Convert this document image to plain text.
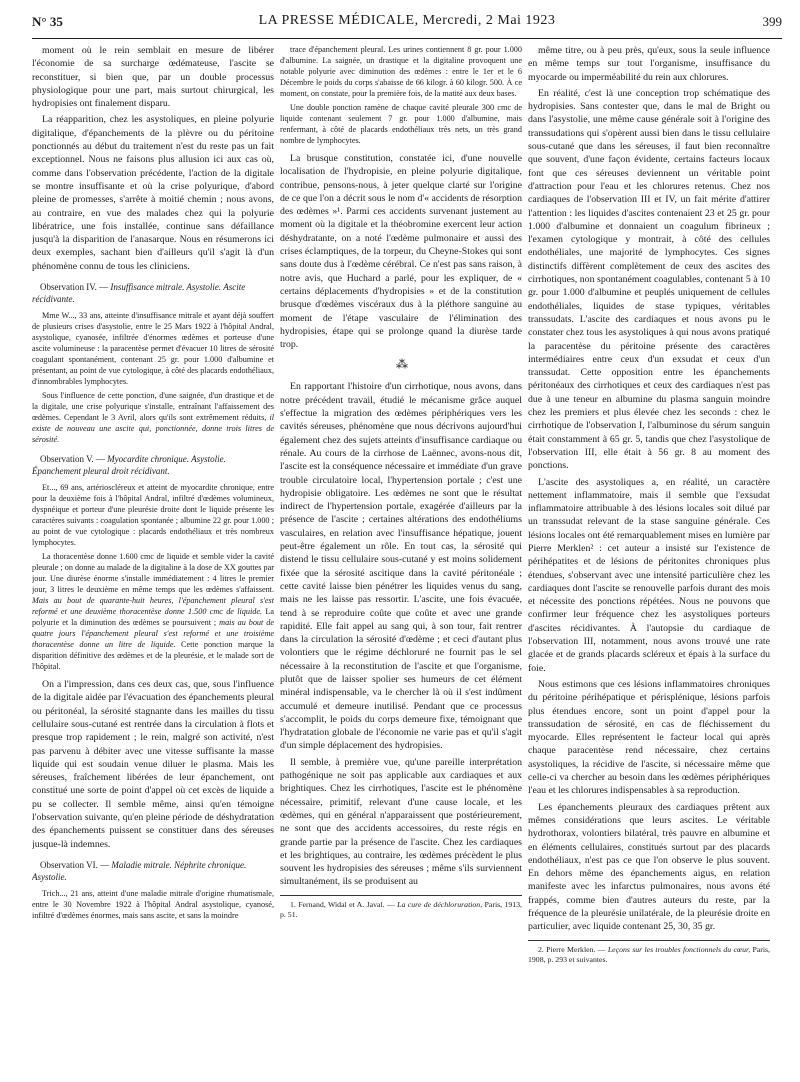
N° 35	LA PRESSE MÉDICALE, Mercredi, 2 Mai 1923	399

moment où le rein semblait en mesure de libérer l'économie de sa surcharge œdémateuse, l'ascite se reconstituer, si bien que, par un double processus physiologique pour une part, mais surtout chirurgical, les hydropisies ont finalement disparu.

La réapparition, chez les asystoliques, en pleine polyurie digitalique, d'épanchements de la plèvre ou du péritoine ponctionnés au début du traitement n'est du reste pas un fait exceptionnel. Nous ne faisons plus allusion ici aux cas où, comme dans l'observation précédente, l'action de la digitale se montre insuffisante et où la crise polyurique, d'abord pleine de promesses, s'arrête à moitié chemin ; nous avons, au contraire, en vue des malades chez qui la polyurie libératrice, une fois installée, continue sans défaillance jusqu'à la disparition de l'anasarque. Nous en résumerons ici deux exemples, sachant bien d'ailleurs qu'il s'agit là d'un phénomène connu de tous les cliniciens.

Observation IV. — Insuffisance mitrale. Asystolie. Ascite récidivante.

Mme W..., 33 ans, atteinte d'insuffisance mitrale et ayant déjà souffert de plusieurs crises d'asystolie, entre le 25 Mars 1922 à l'hôpital Andral, asystolique, cyanosée, infiltrée d'énormes œdèmes et porteuse d'une ascite volumineuse : la paracentèse permet d'évacuer 10 litres de sérosité coagulant spontanément, contenant 25 gr. pour 1.000 d'albumine et présentant, au point de vue cytologique, à côté des placards endothéliaux, d'innombrables lymphocytes.

Sous l'influence de cette ponction, d'une saignée, d'un drastique et de la digitale, une crise polyurique s'installe, entraînant l'affaissement des œdèmes. Cependant le 3 Avril, alors qu'ils sont extrêmement réduits, il existe de nouveau une ascite qui, ponctionnée, donne trois litres de sérosité.

Observation V. — Myocardite chronique. Asystolie. Épanchement pleural droit récidivant.

Et..., 69 ans, artérioscléreux et atteint de myocardite chronique, entre pour la deuxième fois à l'hôpital Andral, infiltré d'œdèmes volumineux, dyspnéique et porteur d'une pleurésie droite dont le liquide présente les caractères suivants : coagulation spontanée ; albumine 22 gr. pour 1.000 ; au point de vue cytologique : placards endothéliaux et très nombreux lymphocytes.

La thoracentèse donne 1.600 cmc de liquide et semble vider la cavité pleurale ; on donne au malade de la digitaline à la dose de XX gouttes par jour. Une diurèse énorme s'installe immédiatement : 4 litres le premier jour, 3 litres le deuxième en même temps que les œdèmes s'affaissent. Mais au bout de quarante-huit heures, l'épanchement pleural s'est reformé et une deuxième thoracentèse donne 1.500 cmc de liquide. La polyurie et la diminution des œdèmes se poursuivent ; mais au bout de quatre jours l'épanchement pleural s'est reformé et une troisième thoracentèse donne un litre de liquide. Cette ponction marque la disparition définitive des œdèmes et de la pleurésie, et le malade sort de l'hôpital.

On a l'impression, dans ces deux cas, que, sous l'influence de la digitale aidée par l'évacuation des épanchements pleural ou péritonéal, la sérosité stagnante dans les mailles du tissu cellulaire sous-cutané est rentrée dans la circulation à flots et presque trop rapidement ; le rein, malgré son activité, n'est pas parvenu à débiter avec une vitesse suffisante la masse liquide qui est soudain venue diluer le plasma. Mais les séreuses, fraîchement libérées de leur épanchement, ont constitué une sorte de point d'appel où cet excès de liquide a pu se collecter. Il semble même, ainsi qu'en témoigne l'observation suivante, qu'en pleine période de déshydratation des épanchements puissent se constituer dans des séreuses jusque-là indemnes.

Observation VI. — Maladie mitrale. Néphrite chronique. Asystolie.

Trich..., 21 ans, atteint d'une maladie mitrale d'origine rhumatismale, entre le 30 Novembre 1922 à l'hôpital Andral asystolique, cyanosé, infiltré d'œdèmes énormes, mais sans ascite, et sans la moindre

trace d'épanchement pleural. Les urines contiennent 8 gr. pour 1.000 d'albumine. La saignée, un drastique et la digitaline provoquent une notable polyurie avec diminution des œdèmes : entre le 1er et le 6 Décembre le poids du corps s'abaisse de 66 kilogr. à 60 kilogr. 500. À ce moment, on constate, pour la première fois, de la matité aux deux bases.

Une double ponction ramène de chaque cavité pleurale 300 cmc de liquide contenant seulement 7 gr. pour 1.000 d'albumine, mais renfermant, à côté de placards endothéliaux très nets, un très grand nombre de lymphocytes.

La brusque constitution, constatée ici, d'une nouvelle localisation de l'hydropisie, en pleine polyurie digitalique, contribue, pensons-nous, à jeter quelque clarté sur l'origine de ce que l'on a décrit sous le nom d'« accidents de résorption des œdèmes »¹. Parmi ces accidents survenant justement au moment où la digitale et la théobromine exercent leur action déshydratante, on a noté l'œdème pulmonaire et aussi des crises éclamptiques, de la torpeur, du Cheyne-Stokes qui sont sans doute dus à l'œdème cérébral. Ce n'est pas sans raison, à notre avis, que Huchard a parlé, pour les expliquer, de « certains déplacements d'hydropisies » et de la constitution brusque d'œdèmes viscéraux dus à la pléthore sanguine au moment de l'étape vasculaire de l'élimination des hydropisies, étape qui se prolonge quand la diurèse tarde trop.

⁂

En rapportant l'histoire d'un cirrhotique, nous avons, dans notre précédent travail, étudié le mécanisme grâce auquel s'effectue la migration des œdèmes périphériques vers les cavités séreuses, phénomène que nous décrivons aujourd'hui également chez des sujets atteints d'insuffisance cardiaque ou rénale. Au cours de la cirrhose de Laënnec, avons-nous dit, l'ascite est la conséquence nécessaire et immédiate d'un grave trouble circulatoire local, l'hypertension portale ; c'est une hydropisie obligatoire. Les œdèmes ne sont que le résultat indirect de l'hypertension portale, exagérée d'ailleurs par la présence de l'ascite ; certaines altérations des endothéliums vasculaires, en relation avec l'insuffisance hépatique, jouent peut-être également un rôle. En tout cas, la sérosité qui distend le tissu cellulaire sous-cutané y est moins solidement fixée que la sérosité ascitique dans la cavité péritonéale ; cette cavité laisse bien pénétrer les liquides venus du sang, mais ne les laisse pas ressortir. L'ascite, une fois évacuée, tend à se reproduire coûte que coûte et avec une grande rapidité. Elle fait appel au sang qui, à son tour, fait rentrer dans la circulation la sérosité d'œdème ; et ceci d'autant plus volontiers que le régime déchloruré ne fournit pas le sel nécessaire à la reconstitution de l'ascite et que l'organisme, plutôt que de laisser spolier ses humeurs de cet élément minéral indispensable, va le chercher là où il s'est indûment accumulé et demeure inutilisé. Pendant que ce processus s'accomplit, le poids du corps demeure fixe, témoignant que l'hydratation globale de l'économie ne varie pas et qu'il s'agit d'un simple déplacement des hydropisies.

Il semble, à première vue, qu'une pareille interprétation pathogénique ne soit pas applicable aux cardiaques et aux brightiques. Chez les cirrhotiques, l'ascite est le phénomène nécessaire, primitif, relevant d'une cause locale, et les œdèmes, qui en général n'apparaissent que postérieurement, ne sont que des accidents accessoires, du reste régis en grande partie par la présence de l'ascite. Chez les cardiaques et les brightiques, au contraire, les œdèmes précèdent le plus souvent les hydropisies des séreuses ; même s'ils surviennent simultanément, ils se produisent au

1. Fernand, Widal et A. Javal. — La cure de déchloruration, Paris, 1913, p. 51.

même titre, ou à peu près, qu'eux, sous la seule influence en même temps sur tout l'organisme, insuffisance du myocarde ou imperméabilité du rein aux chlorures.

En réalité, c'est là une conception trop schématique des hydropisies. Sans contester que, dans le mal de Bright ou dans l'asystolie, une même cause générale soit à l'origine des transsudations qui s'opèrent aussi bien dans le tissu cellulaire sous-cutané que dans les séreuses, il faut bien reconnaître que souvent, d'une façon évidente, certains facteurs locaux font que ces séreuses deviennent un véritable point d'attraction pour l'eau et les chlorures retenus. Chez nos cardiaques de l'observation III et IV, un fait mérite d'attirer l'attention : les liquides d'ascites contenaient 23 et 25 gr. pour 1.000 d'albumine et donnaient un coagulum fibrineux ; l'examen cytologique y montrait, à côté des cellules endothéliales, une majorité de lymphocytes. Ces signes distinctifs diffèrent complètement de ceux des ascites des cirrhotiques, non spontanément coagulables, contenant 5 à 10 gr. pour 1.000 d'albumine et peuplés uniquement de cellules endothéliales, liquides de stase typiques, véritables transsudats. L'ascite des cardiaques et nous avons pu le constater chez tous les asystoliques à qui nous avons pratiqué la paracentèse du péritoine présente des caractères intermédiaires entre ceux d'un exsudat et ceux d'un transsudat. Cette opposition entre les épanchements péritonéaux des cirrhotiques et ceux des cardiaques n'est pas due à une teneur en albumine du plasma sanguin moindre chez les premiers et plus élevée chez les seconds : chez le cirrhotique de l'observation I, l'albuminose du sérum sanguin était constamment à 65 gr. 5, tandis que chez l'asystolique de l'observation III, elle était à 56 gr. 8 au moment des ponctions.

L'ascite des asystoliques a, en réalité, un caractère nettement inflammatoire, mais il semble que l'exsudat inflammatoire attribuable à des lésions locales soit dilué par un transsudat relevant de la stase sanguine générale. Ces lésions locales ont été remarquablement mises en lumière par Pierre Merklen² : cet auteur a insisté sur l'existence de périhépatites et de lésions de péritonites chroniques plus étendues, s'observant avec une intensité particulière chez les cardiaques dont l'ascite se renouvelle parfois durant des mois et nécessite des ponctions répétées. Nous ne pouvons que confirmer leur fréquence chez les asystoliques porteurs d'ascites récidivantes. À l'autopsie du cardiaque de l'observation III, notamment, nous avons trouvé une rate glacée et de grands placards scléreux et épais à la surface du foie.

Nous estimons que ces lésions inflammatoires chroniques du péritoine périhépatique et périsplénique, lésions parfois plus étendues encore, sont un point d'appel pour la transsudation de sérosité, en cas de fléchissement du myocarde. Elles représentent le facteur local qui après chaque paracentèse rend nécessaire, chez certains asystoliques, la récidive de l'ascite, si nécessaire même que celle-ci va chercher au besoin dans les œdèmes périphériques l'eau et les chlorures indispensables à sa reproduction.

Les épanchements pleuraux des cardiaques prêtent aux mêmes considérations que leurs ascites. Le véritable hydrothorax, volontiers bilatéral, très pauvre en albumine et en éléments cellulaires, constitués surtout par des placards endothéliaux, n'est pas ce que l'on observe le plus souvent. En dehors même des épanchements aigus, en relation manifeste avec les infarctus pulmonaires, nous avons été frappés, comme bien d'autres auteurs du reste, par la fréquence de la pleurésie unilatérale, de la pleurésie droite en particulier, avec liquide contenant 25, 30, 35 gr.

2. Pierre Merklen. — Leçons sur les troubles fonctionnels du cœur, Paris, 1908, p. 293 et suivantes.
